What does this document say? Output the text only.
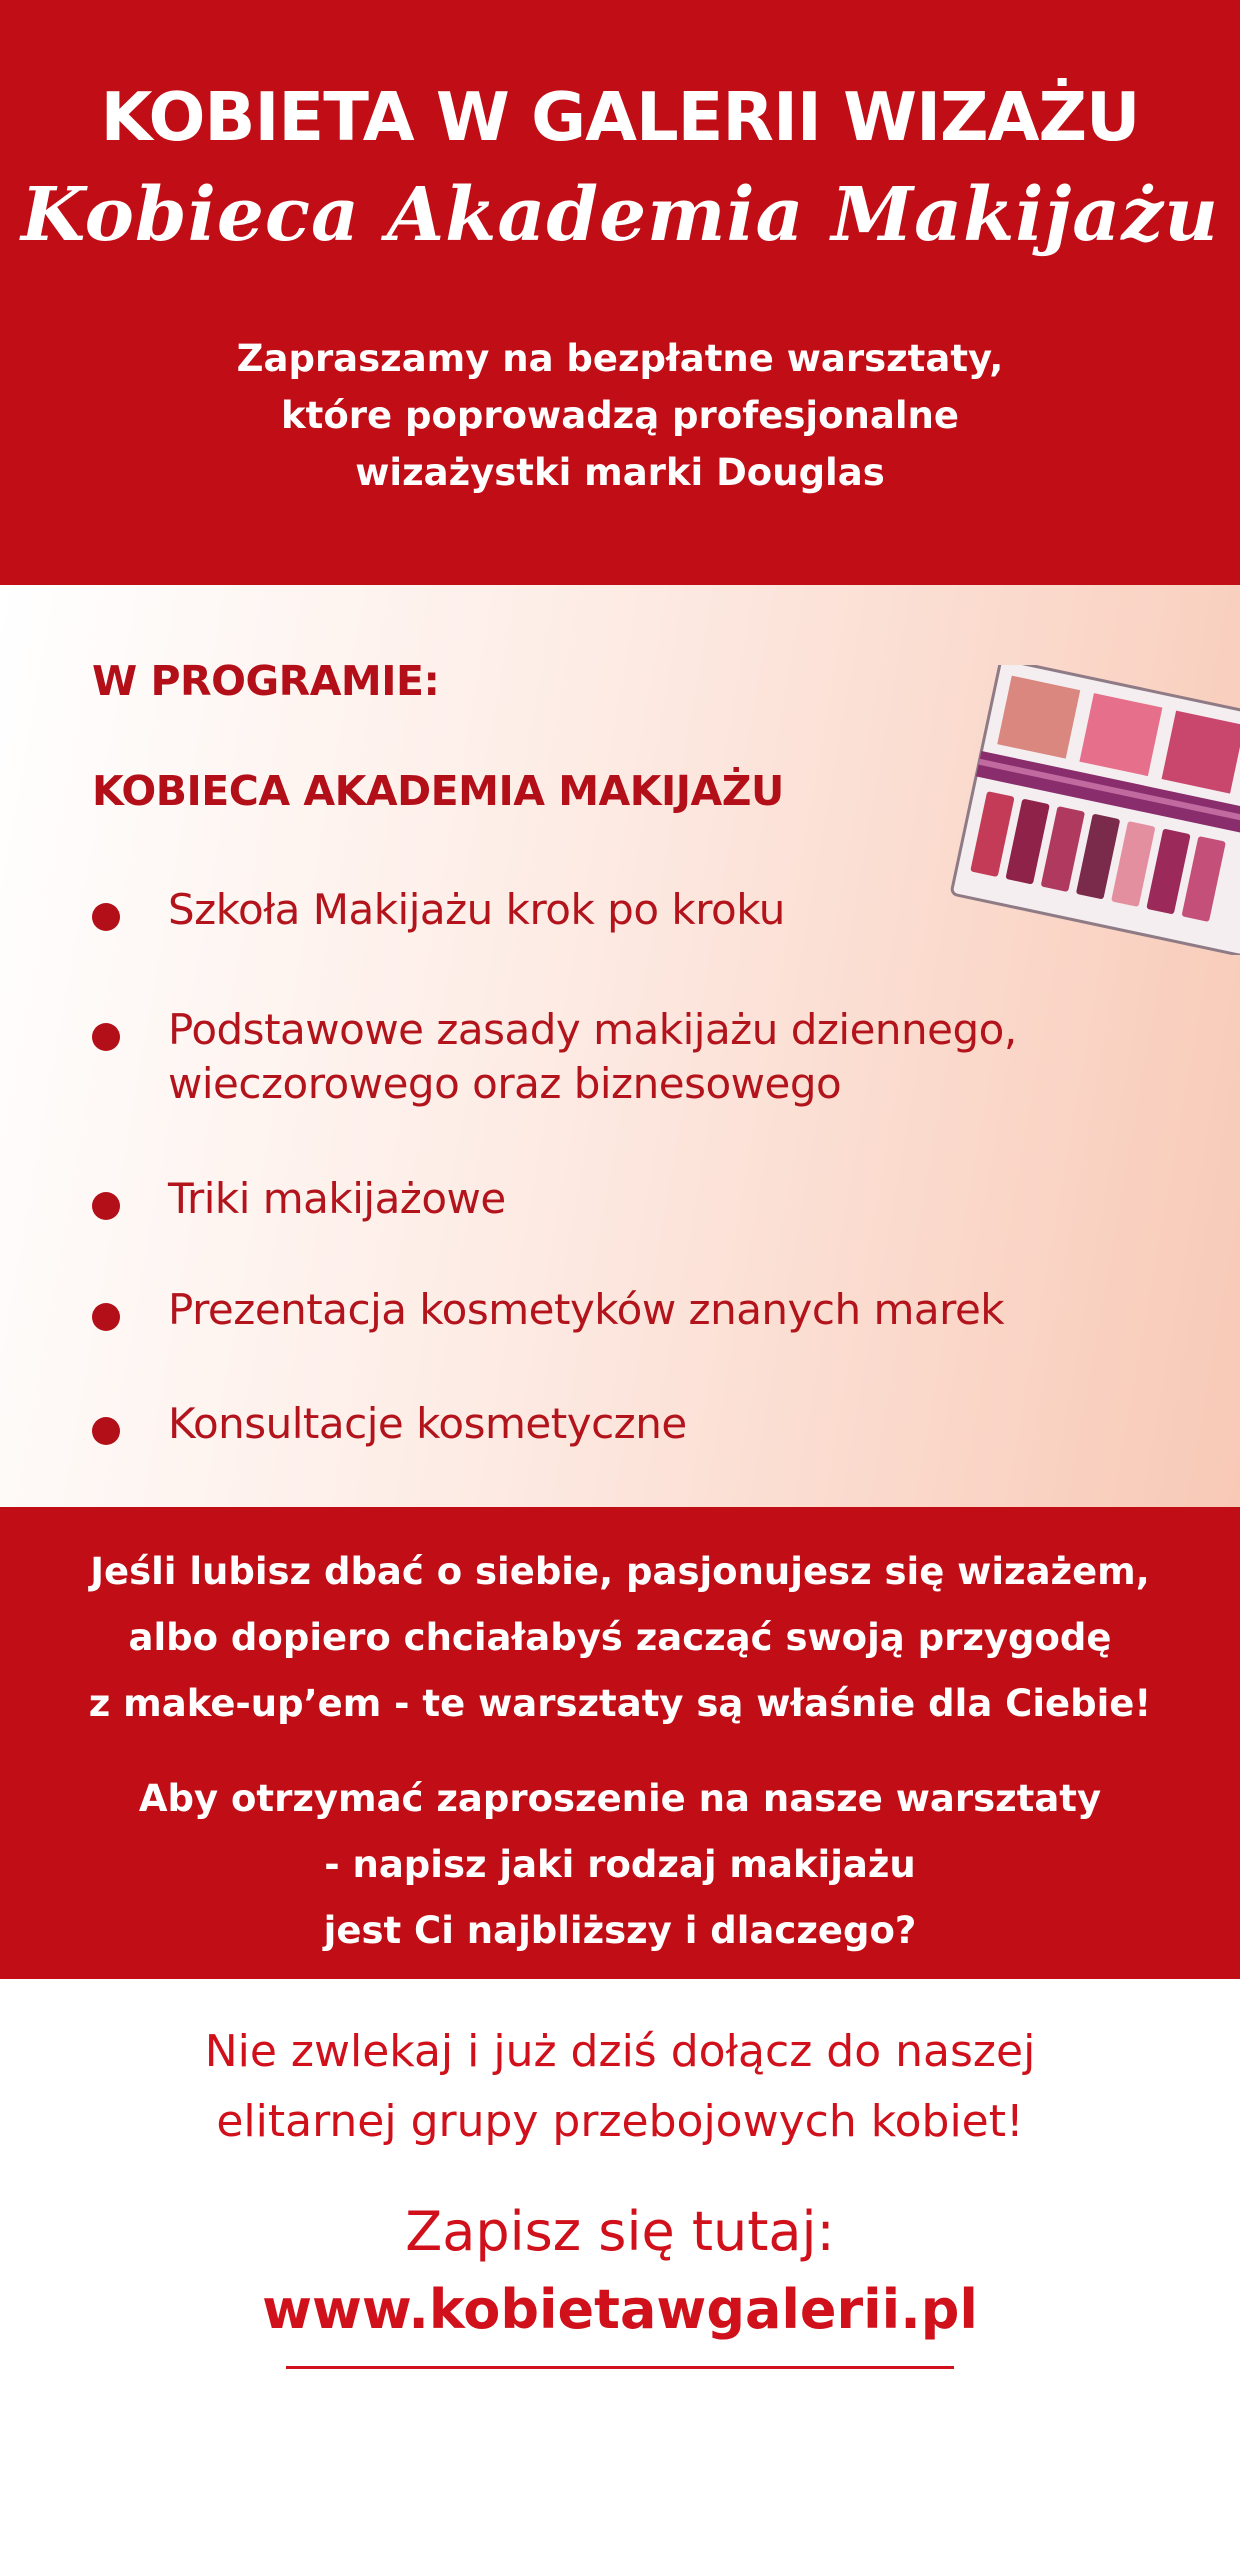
KOBIETA W GALERII WIZAŻU
Kobieca Akademia Makijażu

Zapraszamy na bezpłatne warsztaty,
które poprowadzą profesjonalne
wizażystki marki Douglas

W PROGRAMIE:
KOBIECA AKADEMIA MAKIJAŻU
Szkoła Makijażu krok po kroku
Podstawowe zasady makijażu dziennego,
wieczorowego oraz biznesowego
Triki makijażowe
Prezentacja kosmetyków znanych marek
Konsultacje kosmetyczne

Jeśli lubisz dbać o siebie, pasjonujesz się wizażem,
albo dopiero chciałabyś zacząć swoją przygodę
z make-up’em - te warsztaty są właśnie dla Ciebie!

Aby otrzymać zaproszenie na nasze warsztaty
- napisz jaki rodzaj makijażu
jest Ci najbliższy i dlaczego?

Nie zwlekaj i już dziś dołącz do naszej
elitarnej grupy przebojowych kobiet!

Zapisz się tutaj:
www.kobietawgalerii.pl
